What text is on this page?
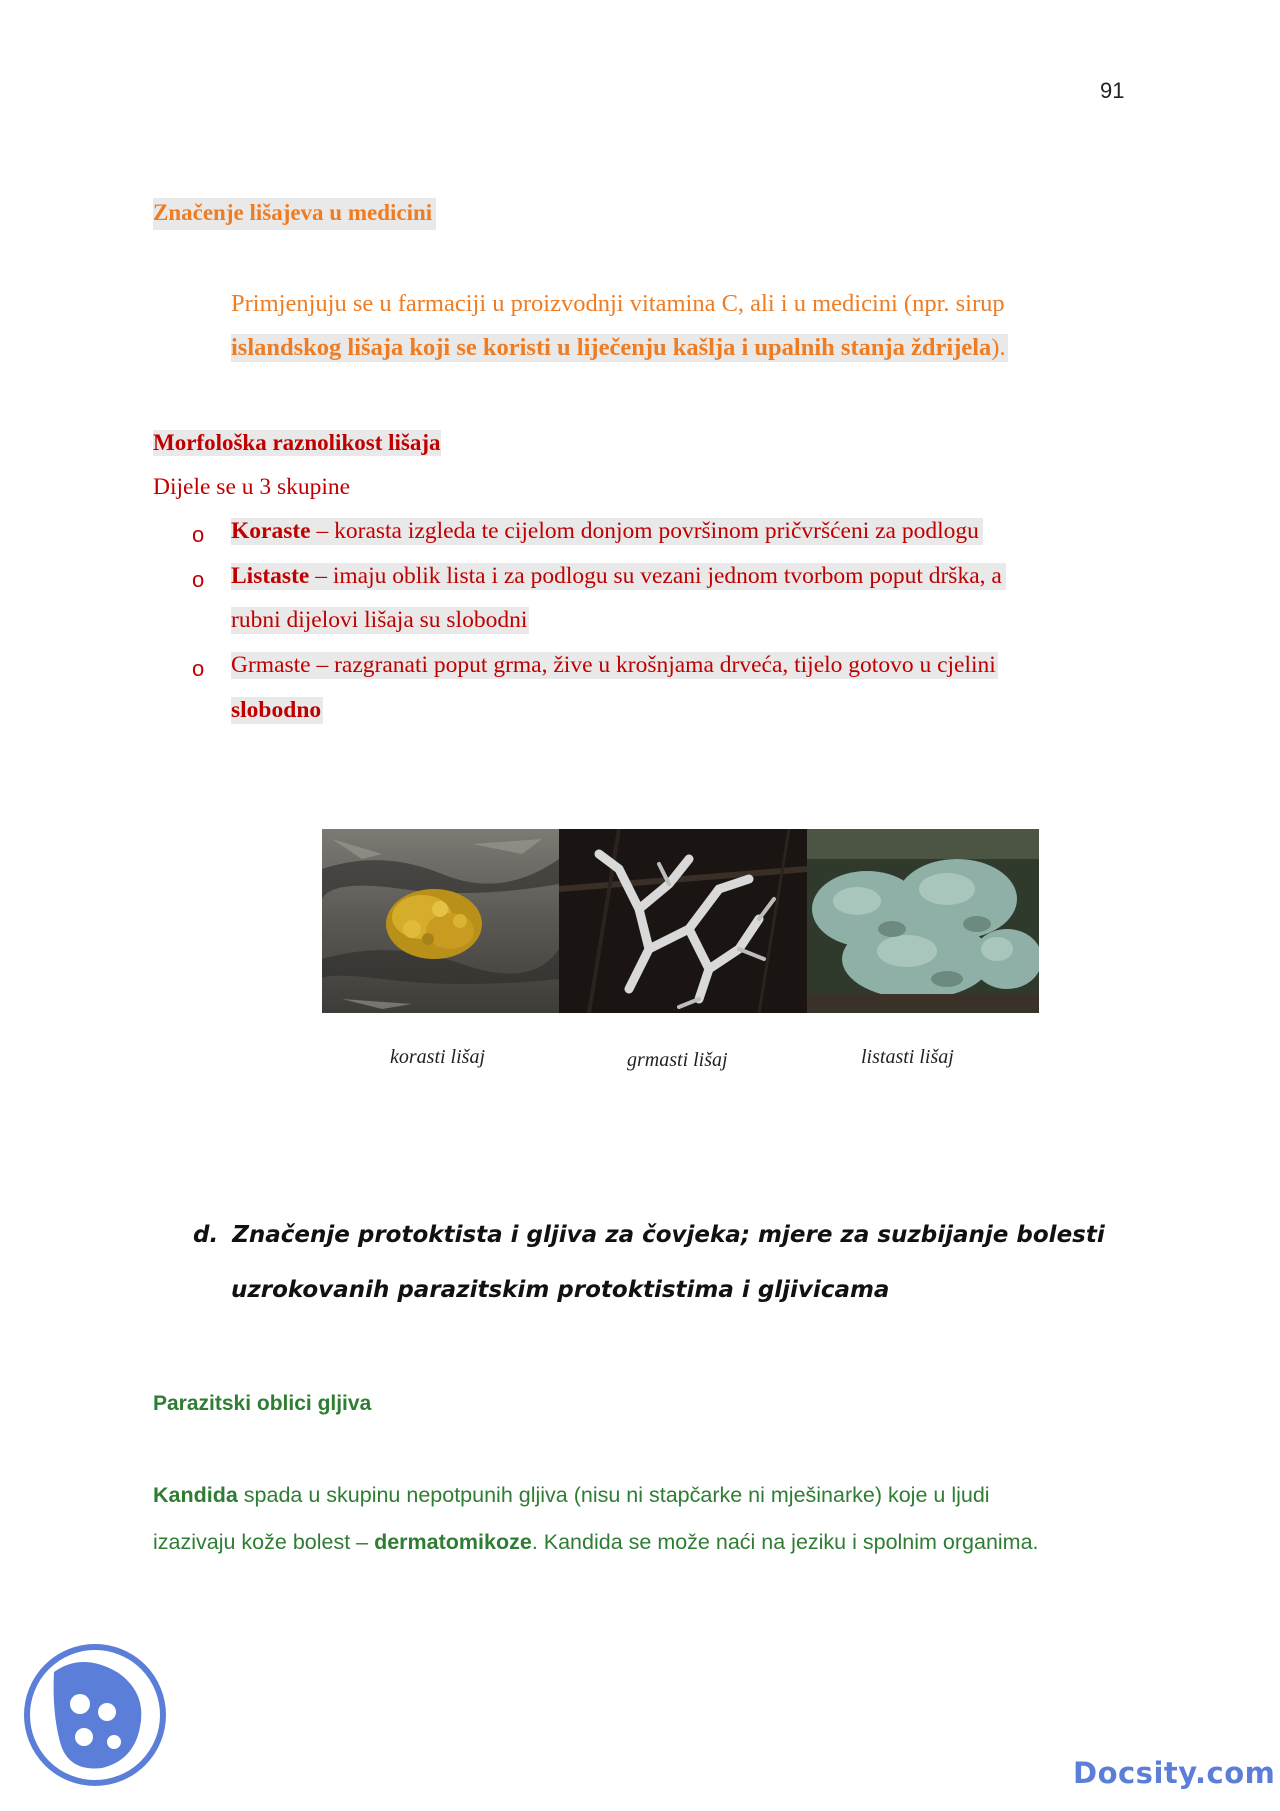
91
Značenje lišajeva u medicini
Primjenjuju se u farmaciji u proizvodnji vitamina C, ali i u medicini (npr. sirup
islandskog lišaja koji se koristi u liječenju kašlja i upalnih stanja ždrijela).
Morfološka raznolikost lišaja
Dijele se u 3 skupine
o Koraste – korasta izgleda te cijelom donjom površinom pričvršćeni za podlogu
o Listaste – imaju oblik lista i za podlogu su vezani jednom tvorbom poput drška, a
rubni dijelovi lišaja su slobodni
o Grmaste – razgranati poput grma, žive u krošnjama drveća, tijelo gotovo u cjelini
slobodno
korasti lišaj	grmasti lišaj	listasti lišaj
d. Značenje protoktista i gljiva za čovjeka; mjere za suzbijanje bolesti
uzrokovanih parazitskim protoktistima i gljivicama
Parazitski oblici gljiva
Kandida spada u skupinu nepotpunih gljiva (nisu ni stapčarke ni mješinarke) koje u ljudi
izazivaju kože bolest – dermatomikoze. Kandida se može naći na jeziku i spolnim organima.
Docsity.com
